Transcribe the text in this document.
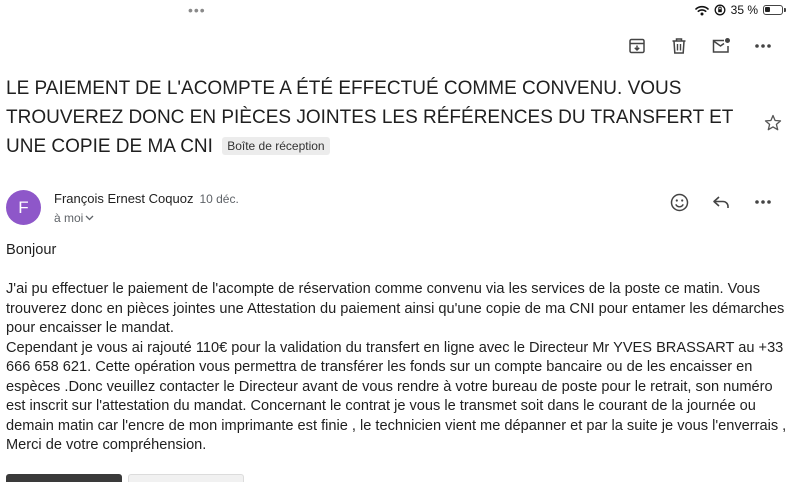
•••	35 %
LE PAIEMENT DE L'ACOMPTE A ÉTÉ EFFECTUÉ COMME CONVENU. VOUS TROUVEREZ DONC EN PIÈCES JOINTES LES RÉFÉRENCES DU TRANSFERT ET UNE COPIE DE MA CNI Boîte de réception
F François Ernest Coquoz 10 déc.
à moi

Bonjour

J'ai pu effectuer le paiement de l'acompte de réservation comme convenu via les services de la poste ce matin. Vous trouverez donc en pièces jointes une Attestation du paiement ainsi qu'une copie de ma CNI pour entamer les démarches pour encaisser le mandat.

Cependant je vous ai rajouté 110€ pour la validation du transfert en ligne avec le Directeur Mr YVES BRASSART au +33 666 658 621. Cette opération vous permettra de transférer les fonds sur un compte bancaire ou de les encaisser en espèces .Donc veuillez contacter le Directeur avant de vous rendre à votre bureau de poste pour le retrait, son numéro est inscrit sur l'attestation du mandat. Concernant le contrat je vous le transmet soit dans le courant de la journée ou demain matin car l'encre de mon imprimante est finie , le technicien vient me dépanner et par la suite je vous l'enverrais , Merci de votre compréhension.
